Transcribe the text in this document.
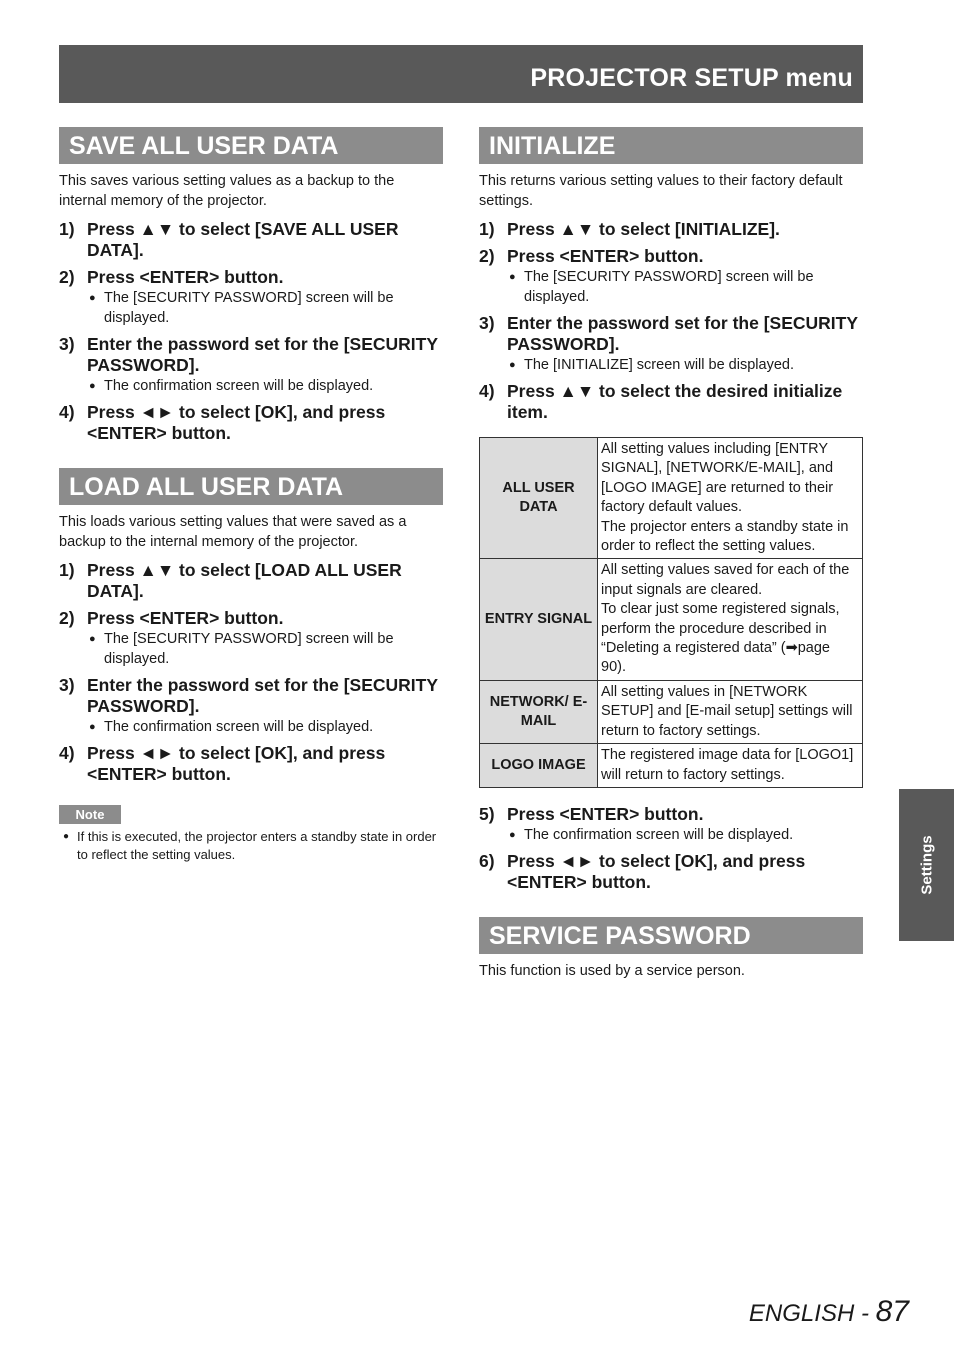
PROJECTOR SETUP menu
SAVE ALL USER DATA

This saves various setting values as a backup to the internal memory of the projector.

1) Press ▲▼ to select [SAVE ALL USER DATA].
2) Press <ENTER> button.
● The [SECURITY PASSWORD] screen will be displayed.
3) Enter the password set for the [SECURITY PASSWORD].
● The confirmation screen will be displayed.
4) Press ◄► to select [OK], and press <ENTER> button.
LOAD ALL USER DATA

This loads various setting values that were saved as a backup to the internal memory of the projector.

1) Press ▲▼ to select [LOAD ALL USER DATA].
2) Press <ENTER> button.
● The [SECURITY PASSWORD] screen will be displayed.
3) Enter the password set for the [SECURITY PASSWORD].
● The confirmation screen will be displayed.
4) Press ◄► to select [OK], and press <ENTER> button.
Note
● If this is executed, the projector enters a standby state in order to reflect the setting values.
INITIALIZE

This returns various setting values to their factory default settings.

1) Press ▲▼ to select [INITIALIZE].
2) Press <ENTER> button.
● The [SECURITY PASSWORD] screen will be displayed.
3) Enter the password set for the [SECURITY PASSWORD].
● The [INITIALIZE] screen will be displayed.
4) Press ▲▼ to select the desired initialize item.
ALL USER DATA	All setting values including [ENTRY SIGNAL], [NETWORK/E-MAIL], and [LOGO IMAGE] are returned to their factory default values.
The projector enters a standby state in order to reflect the setting values.
ENTRY SIGNAL	All setting values saved for each of the input signals are cleared.
To clear just some registered signals, perform the procedure described in “Deleting a registered data” (➡page 90).
NETWORK/ E-MAIL	All setting values in [NETWORK SETUP] and [E-mail setup] settings will return to factory settings.
LOGO IMAGE	The registered image data for [LOGO1] will return to factory settings.
5) Press <ENTER> button.
● The confirmation screen will be displayed.
6) Press ◄► to select [OK], and press <ENTER> button.
SERVICE PASSWORD

This function is used by a service person.

Settings
ENGLISH - 87
